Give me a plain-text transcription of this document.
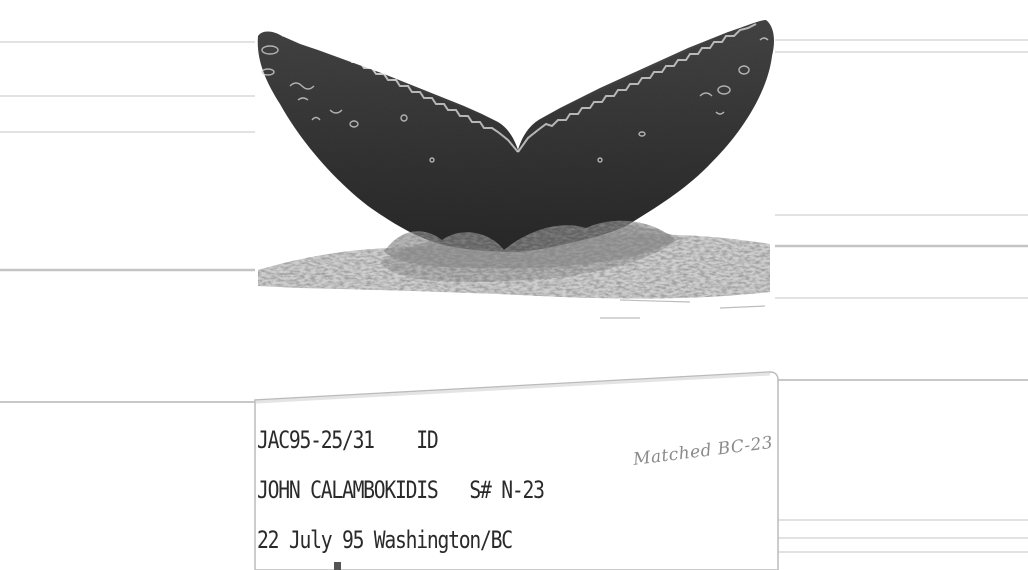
JAC95-25/31 ID
JOHN CALAMBOKIDIS S# N-23
22 July 95 Washington/BC
Matched BC-23
